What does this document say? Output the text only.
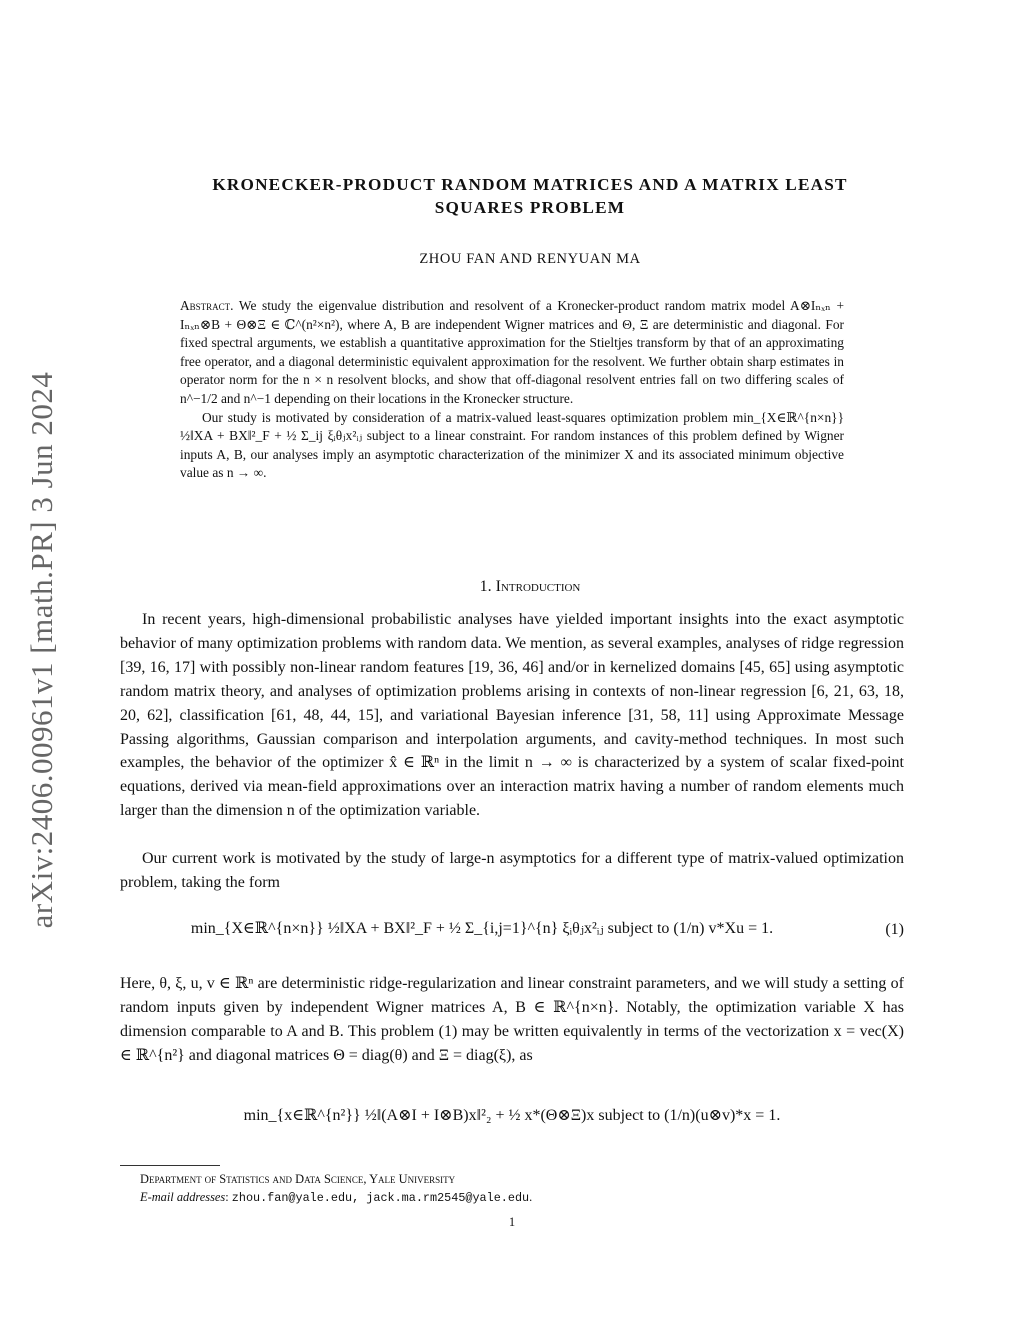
arXiv:2406.00961v1 [math.PR] 3 Jun 2024
KRONECKER-PRODUCT RANDOM MATRICES AND A MATRIX LEAST
SQUARES PROBLEM
ZHOU FAN AND RENYUAN MA

Abstract. We study the eigenvalue distribution and resolvent of a Kronecker-product random matrix model A⊗Iₙₓₙ + Iₙₓₙ⊗B + Θ⊗Ξ ∈ ℂ^(n²×n²), where A, B are independent Wigner matrices and Θ, Ξ are deterministic and diagonal. For fixed spectral arguments, we establish a quantitative approximation for the Stieltjes transform by that of an approximating free operator, and a diagonal deterministic equivalent approximation for the resolvent. We further obtain sharp estimates in operator norm for the n × n resolvent blocks, and show that off-diagonal resolvent entries fall on two differing scales of n^−1/2 and n^−1 depending on their locations in the Kronecker structure.

Our study is motivated by consideration of a matrix-valued least-squares optimization problem min_{X∈ℝ^{n×n}} ½‖XA + BX‖²_F + ½ Σ_ij ξᵢθⱼx²ᵢⱼ subject to a linear constraint. For random instances of this problem defined by Wigner inputs A, B, our analyses imply an asymptotic characterization of the minimizer X and its associated minimum objective value as n → ∞.

1. Introduction

In recent years, high-dimensional probabilistic analyses have yielded important insights into the exact asymptotic behavior of many optimization problems with random data. We mention, as several examples, analyses of ridge regression [39, 16, 17] with possibly non-linear random features [19, 36, 46] and/or in kernelized domains [45, 65] using asymptotic random matrix theory, and analyses of optimization problems arising in contexts of non-linear regression [6, 21, 63, 18, 20, 62], classification [61, 48, 44, 15], and variational Bayesian inference [31, 58, 11] using Approximate Message Passing algorithms, Gaussian comparison and interpolation arguments, and cavity-method techniques. In most such examples, the behavior of the optimizer x̂ ∈ ℝⁿ in the limit n → ∞ is characterized by a system of scalar fixed-point equations, derived via mean-field approximations over an interaction matrix having a number of random elements much larger than the dimension n of the optimization variable.

Our current work is motivated by the study of large-n asymptotics for a different type of matrix-valued optimization problem, taking the form

min_{X∈ℝ^{n×n}} ½‖XA + BX‖²_F + ½ Σ_{i,j=1}^{n} ξᵢθⱼx²ᵢⱼ subject to (1/n) v*Xu = 1.	(1)

Here, θ, ξ, u, v ∈ ℝⁿ are deterministic ridge-regularization and linear constraint parameters, and we will study a setting of random inputs given by independent Wigner matrices A, B ∈ ℝ^{n×n}. Notably, the optimization variable X has dimension comparable to A and B. This problem (1) may be written equivalently in terms of the vectorization x = vec(X) ∈ ℝ^{n²} and diagonal matrices Θ = diag(θ) and Ξ = diag(ξ), as

min_{x∈ℝ^{n²}} ½‖(A⊗I + I⊗B)x‖²₂ + ½ x*(Θ⊗Ξ)x subject to (1/n)(u⊗v)*x = 1.
Department of Statistics and Data Science, Yale University
E-mail addresses: zhou.fan@yale.edu, jack.ma.rm2545@yale.edu.
1
